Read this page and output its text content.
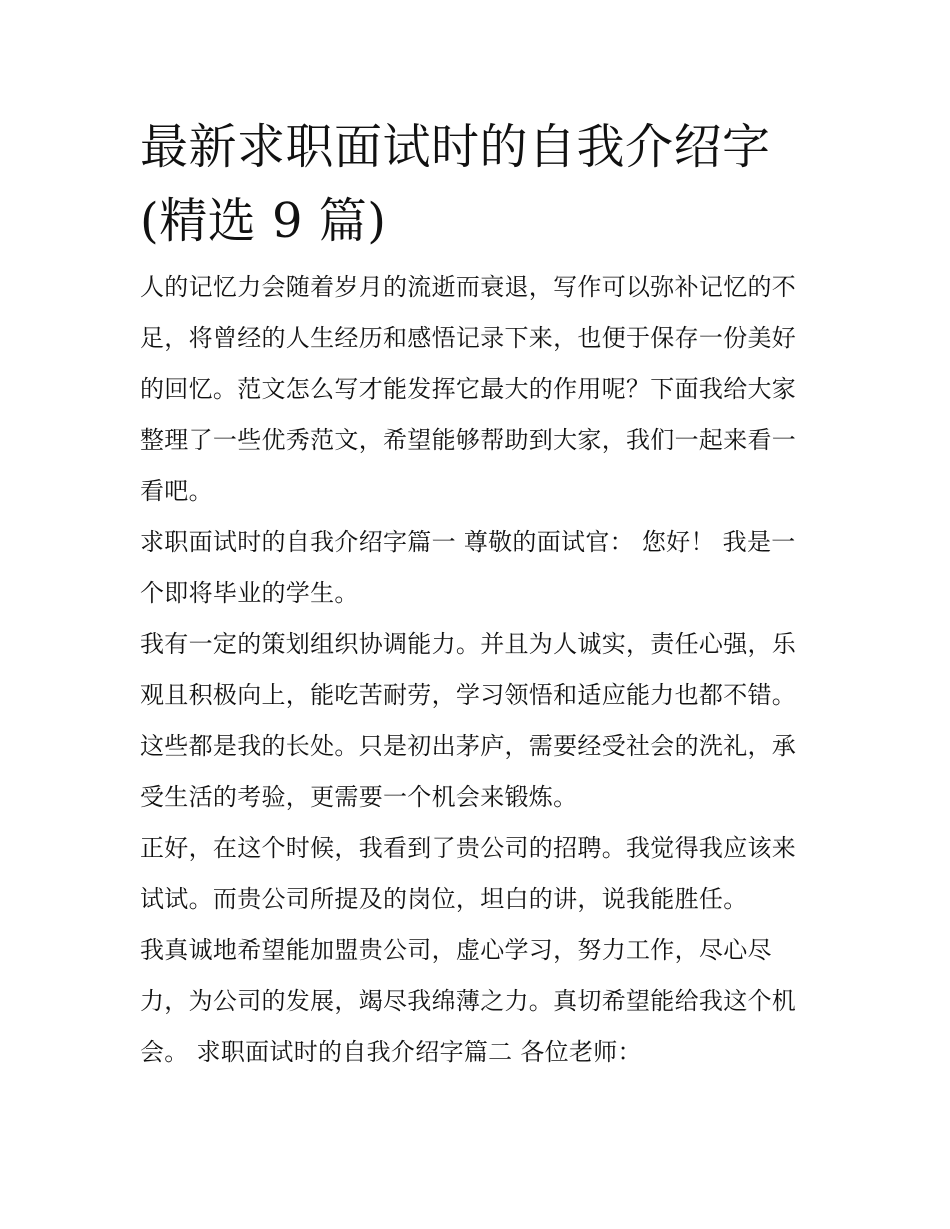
最新求职面试时的自我介绍字(精选 9 篇)

人的记忆力会随着岁月的流逝而衰退，写作可以弥补记忆的不足，将曾经的人生经历和感悟记录下来，也便于保存一份美好的回忆。范文怎么写才能发挥它最大的作用呢？下面我给大家整理了一些优秀范文，希望能够帮助到大家，我们一起来看一看吧。

求职面试时的自我介绍字篇一 尊敬的面试官： 您好！ 我是一个即将毕业的学生。

我有一定的策划组织协调能力。并且为人诚实，责任心强，乐观且积极向上，能吃苦耐劳，学习领悟和适应能力也都不错。这些都是我的长处。只是初出茅庐，需要经受社会的洗礼，承受生活的考验，更需要一个机会来锻炼。

正好，在这个时候，我看到了贵公司的招聘。我觉得我应该来试试。而贵公司所提及的岗位，坦白的讲，说我能胜任。

我真诚地希望能加盟贵公司，虚心学习，努力工作，尽心尽力，为公司的发展，竭尽我绵薄之力。真切希望能给我这个机会。 求职面试时的自我介绍字篇二 各位老师：
